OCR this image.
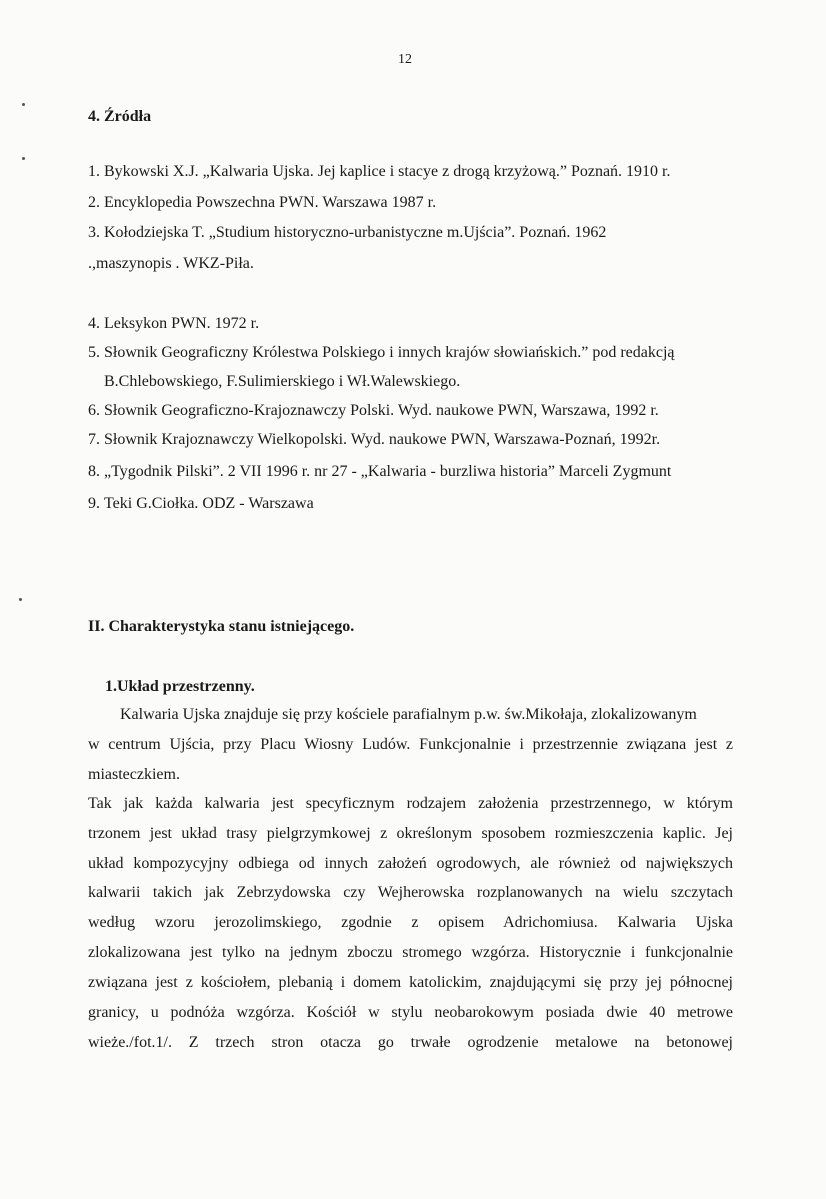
12
4. Źródła
1. Bykowski X.J. „Kalwaria Ujska. Jej kaplice i stacye z drogą krzyżową.” Poznań. 1910 r.
2. Encyklopedia Powszechna PWN. Warszawa 1987 r.
3. Kołodziejska T. „Studium historyczno-urbanistyczne m.Ujścia”. Poznań. 1962
.,maszynopis . WKZ-Piła.
4. Leksykon PWN. 1972 r.
5. Słownik Geograficzny Królestwa Polskiego i innych krajów słowiańskich.” pod redakcją
B.Chlebowskiego, F.Sulimierskiego i Wł.Walewskiego.
6. Słownik Geograficzno-Krajoznawczy Polski. Wyd. naukowe PWN, Warszawa, 1992 r.
7. Słownik Krajoznawczy Wielkopolski. Wyd. naukowe PWN, Warszawa-Poznań, 1992r.
8. „Tygodnik Pilski”. 2 VII 1996 r. nr 27 - „Kalwaria - burzliwa historia” Marceli Zygmunt
9. Teki G.Ciołka. ODZ - Warszawa
II. Charakterystyka stanu istniejącego.
1.Układ przestrzenny.
Kalwaria Ujska znajduje się przy kościele parafialnym p.w. św.Mikołaja, zlokalizowanym
w centrum Ujścia, przy Placu Wiosny Ludów. Funkcjonalnie i przestrzennie związana jest z
miasteczkiem.
Tak jak każda kalwaria jest specyficznym rodzajem założenia przestrzennego, w którym
trzonem jest układ trasy pielgrzymkowej z określonym sposobem rozmieszczenia kaplic. Jej
układ kompozycyjny odbiega od innych założeń ogrodowych, ale również od największych
kalwarii takich jak Zebrzydowska czy Wejherowska rozplanowanych na wielu szczytach
według wzoru jerozolimskiego, zgodnie z opisem Adrichomiusa. Kalwaria Ujska
zlokalizowana jest tylko na jednym zboczu stromego wzgórza. Historycznie i funkcjonalnie
związana jest z kościołem, plebanią i domem katolickim, znajdującymi się przy jej północnej
granicy, u podnóża wzgórza. Kościół w stylu neobarokowym posiada dwie 40 metrowe
wieże./fot.1/. Z trzech stron otacza go trwałe ogrodzenie metalowe na betonowej
